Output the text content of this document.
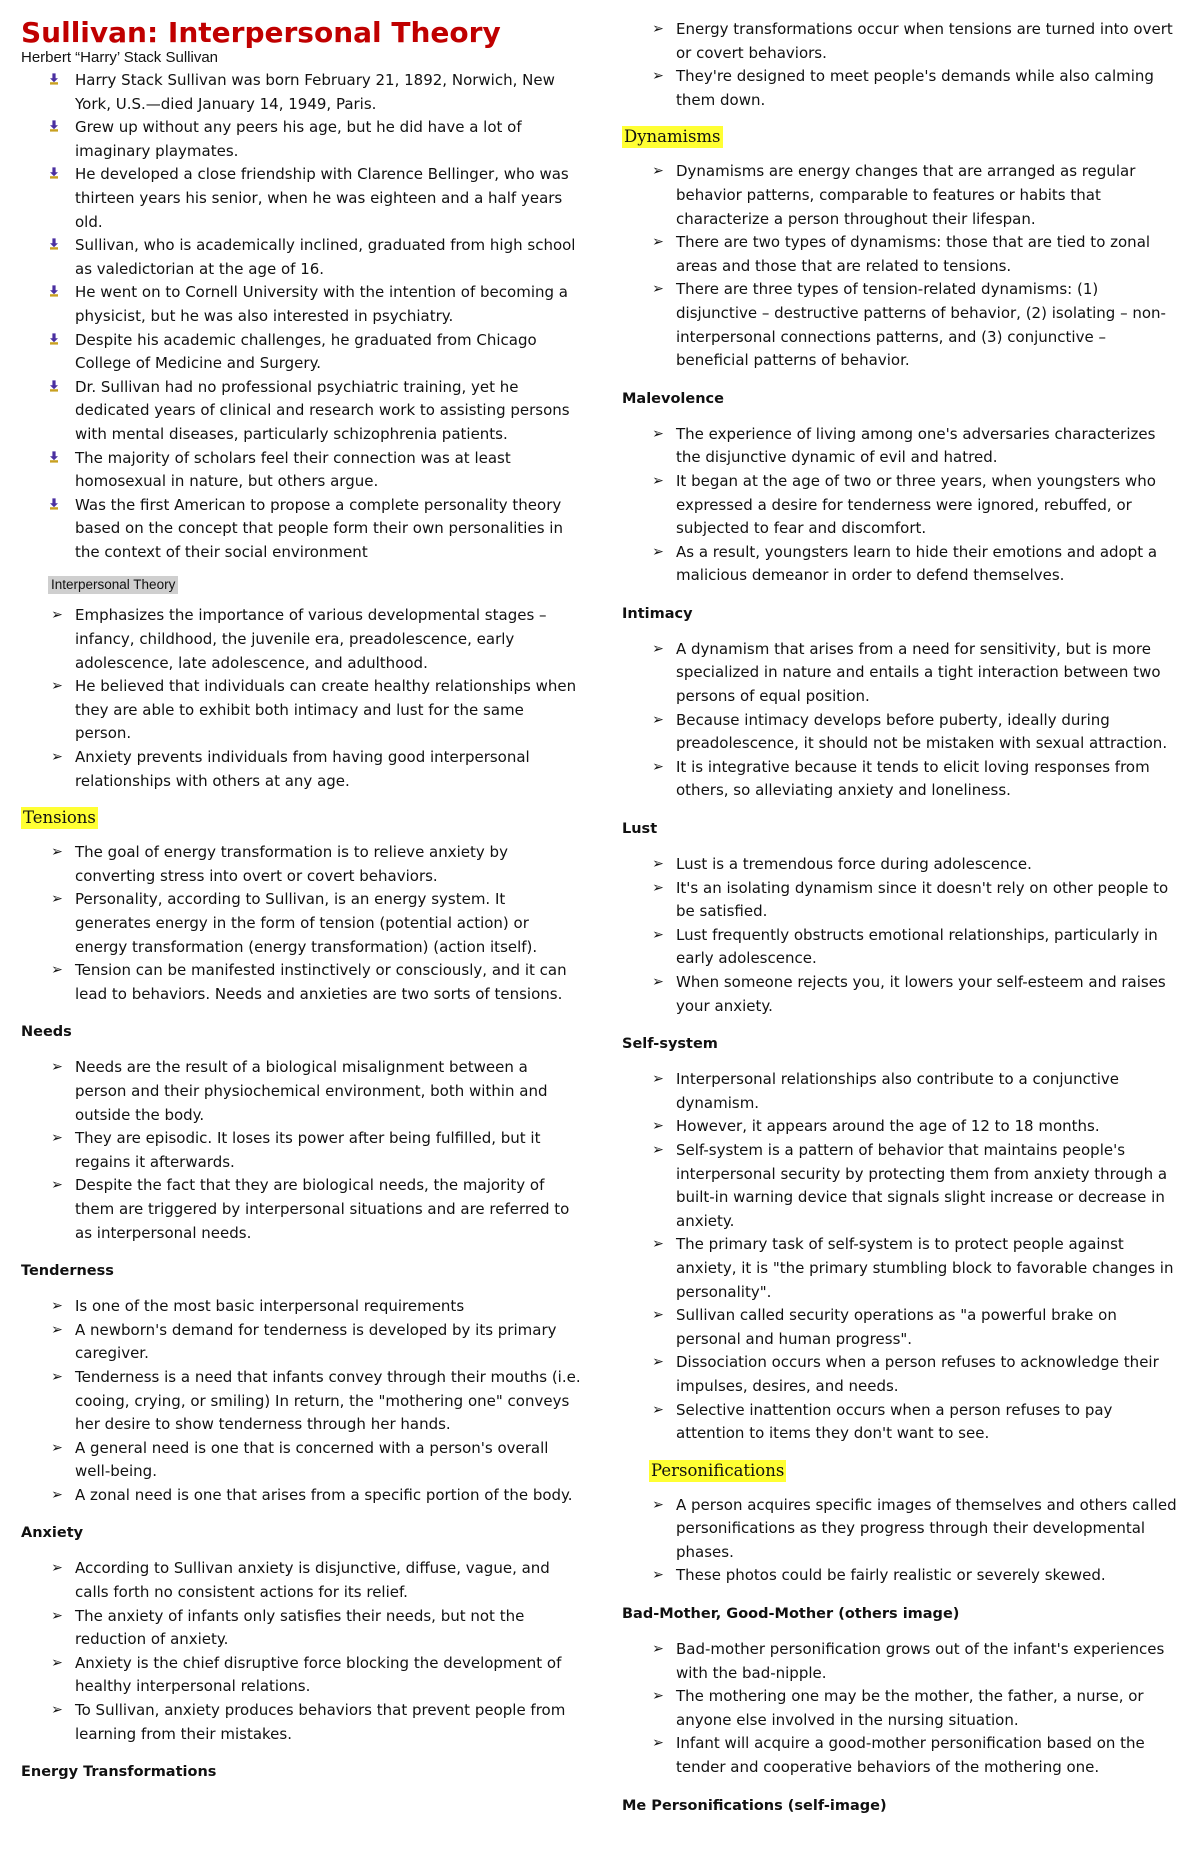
Sullivan: Interpersonal Theory
Herbert “Harry’ Stack Sullivan
Harry Stack Sullivan was born February 21, 1892, Norwich, New York, U.S.—died January 14, 1949, Paris.
Grew up without any peers his age, but he did have a lot of imaginary playmates.
He developed a close friendship with Clarence Bellinger, who was thirteen years his senior, when he was eighteen and a half years old.
Sullivan, who is academically inclined, graduated from high school as valedictorian at the age of 16.
He went on to Cornell University with the intention of becoming a physicist, but he was also interested in psychiatry.
Despite his academic challenges, he graduated from Chicago College of Medicine and Surgery.
Dr. Sullivan had no professional psychiatric training, yet he dedicated years of clinical and research work to assisting persons with mental diseases, particularly schizophrenia patients.
The majority of scholars feel their connection was at least homosexual in nature, but others argue.
Was the first American to propose a complete personality theory based on the concept that people form their own personalities in the context of their social environment
Interpersonal Theory
➢ Emphasizes the importance of various developmental stages – infancy, childhood, the juvenile era, preadolescence, early adolescence, late adolescence, and adulthood.
➢ He believed that individuals can create healthy relationships when they are able to exhibit both intimacy and lust for the same person.
➢ Anxiety prevents individuals from having good interpersonal relationships with others at any age.
Tensions
➢ The goal of energy transformation is to relieve anxiety by converting stress into overt or covert behaviors.
➢ Personality, according to Sullivan, is an energy system. It generates energy in the form of tension (potential action) or energy transformation (energy transformation) (action itself).
➢ Tension can be manifested instinctively or consciously, and it can lead to behaviors. Needs and anxieties are two sorts of tensions.
Needs
➢ Needs are the result of a biological misalignment between a person and their physiochemical environment, both within and outside the body.
➢ They are episodic. It loses its power after being fulfilled, but it regains it afterwards.
➢ Despite the fact that they are biological needs, the majority of them are triggered by interpersonal situations and are referred to as interpersonal needs.
Tenderness
➢ Is one of the most basic interpersonal requirements
➢ A newborn's demand for tenderness is developed by its primary caregiver.
➢ Tenderness is a need that infants convey through their mouths (i.e. cooing, crying, or smiling) In return, the "mothering one" conveys her desire to show tenderness through her hands.
➢ A general need is one that is concerned with a person's overall well-being.
➢ A zonal need is one that arises from a specific portion of the body.
Anxiety
➢ According to Sullivan anxiety is disjunctive, diffuse, vague, and calls forth no consistent actions for its relief.
➢ The anxiety of infants only satisfies their needs, but not the reduction of anxiety.
➢ Anxiety is the chief disruptive force blocking the development of healthy interpersonal relations.
➢ To Sullivan, anxiety produces behaviors that prevent people from learning from their mistakes.
Energy Transformations
➢ Energy transformations occur when tensions are turned into overt or covert behaviors.
➢ They're designed to meet people's demands while also calming them down.
Dynamisms
➢ Dynamisms are energy changes that are arranged as regular behavior patterns, comparable to features or habits that characterize a person throughout their lifespan.
➢ There are two types of dynamisms: those that are tied to zonal areas and those that are related to tensions.
➢ There are three types of tension-related dynamisms: (1) disjunctive – destructive patterns of behavior, (2) isolating – non-interpersonal connections patterns, and (3) conjunctive – beneficial patterns of behavior.
Malevolence
➢ The experience of living among one's adversaries characterizes the disjunctive dynamic of evil and hatred.
➢ It began at the age of two or three years, when youngsters who expressed a desire for tenderness were ignored, rebuffed, or subjected to fear and discomfort.
➢ As a result, youngsters learn to hide their emotions and adopt a malicious demeanor in order to defend themselves.
Intimacy
➢ A dynamism that arises from a need for sensitivity, but is more specialized in nature and entails a tight interaction between two persons of equal position.
➢ Because intimacy develops before puberty, ideally during preadolescence, it should not be mistaken with sexual attraction.
➢ It is integrative because it tends to elicit loving responses from others, so alleviating anxiety and loneliness.
Lust
➢ Lust is a tremendous force during adolescence.
➢ It's an isolating dynamism since it doesn't rely on other people to be satisfied.
➢ Lust frequently obstructs emotional relationships, particularly in early adolescence.
➢ When someone rejects you, it lowers your self-esteem and raises your anxiety.
Self-system
➢ Interpersonal relationships also contribute to a conjunctive dynamism.
➢ However, it appears around the age of 12 to 18 months.
➢ Self-system is a pattern of behavior that maintains people's interpersonal security by protecting them from anxiety through a built-in warning device that signals slight increase or decrease in anxiety.
➢ The primary task of self-system is to protect people against anxiety, it is "the primary stumbling block to favorable changes in personality".
➢ Sullivan called security operations as "a powerful brake on personal and human progress".
➢ Dissociation occurs when a person refuses to acknowledge their impulses, desires, and needs.
➢ Selective inattention occurs when a person refuses to pay attention to items they don't want to see.
Personifications
➢ A person acquires specific images of themselves and others called personifications as they progress through their developmental phases.
➢ These photos could be fairly realistic or severely skewed.
Bad-Mother, Good-Mother (others image)
➢ Bad-mother personification grows out of the infant's experiences with the bad-nipple.
➢ The mothering one may be the mother, the father, a nurse, or anyone else involved in the nursing situation.
➢ Infant will acquire a good-mother personification based on the tender and cooperative behaviors of the mothering one.
Me Personifications (self-image)
